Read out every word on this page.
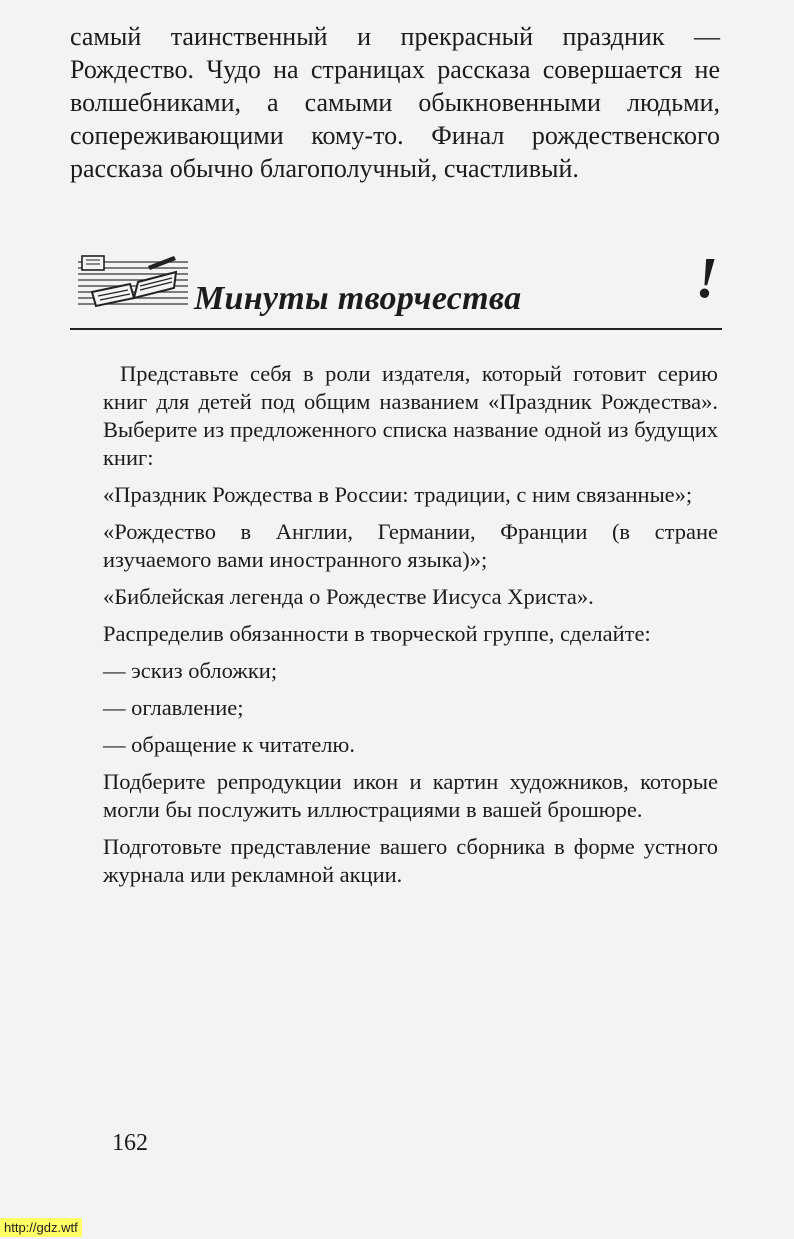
самый таинственный и прекрасный праздник — Рождество. Чудо на страницах рассказа совершается не волшебниками, а самыми обыкновенными людьми, сопереживающими кому-то. Финал рождественского рассказа обычно благополучный, счастливый.
Минуты творчества	!

Представьте себя в роли издателя, который готовит серию книг для детей под общим названием «Праздник Рождества». Выберите из предложенного списка название одной из будущих книг:

«Праздник Рождества в России: традиции, с ним связанные»;

«Рождество в Англии, Германии, Франции (в стране изучаемого вами иностранного языка)»;

«Библейская легенда о Рождестве Иисуса Христа».

Распределив обязанности в творческой группе, сделайте:

— эскиз обложки;

— оглавление;

— обращение к читателю.

Подберите репродукции икон и картин художников, которые могли бы послужить иллюстрациями в вашей брошюре.

Подготовьте представление вашего сборника в форме устного журнала или рекламной акции.

162
http://gdz.wtf
